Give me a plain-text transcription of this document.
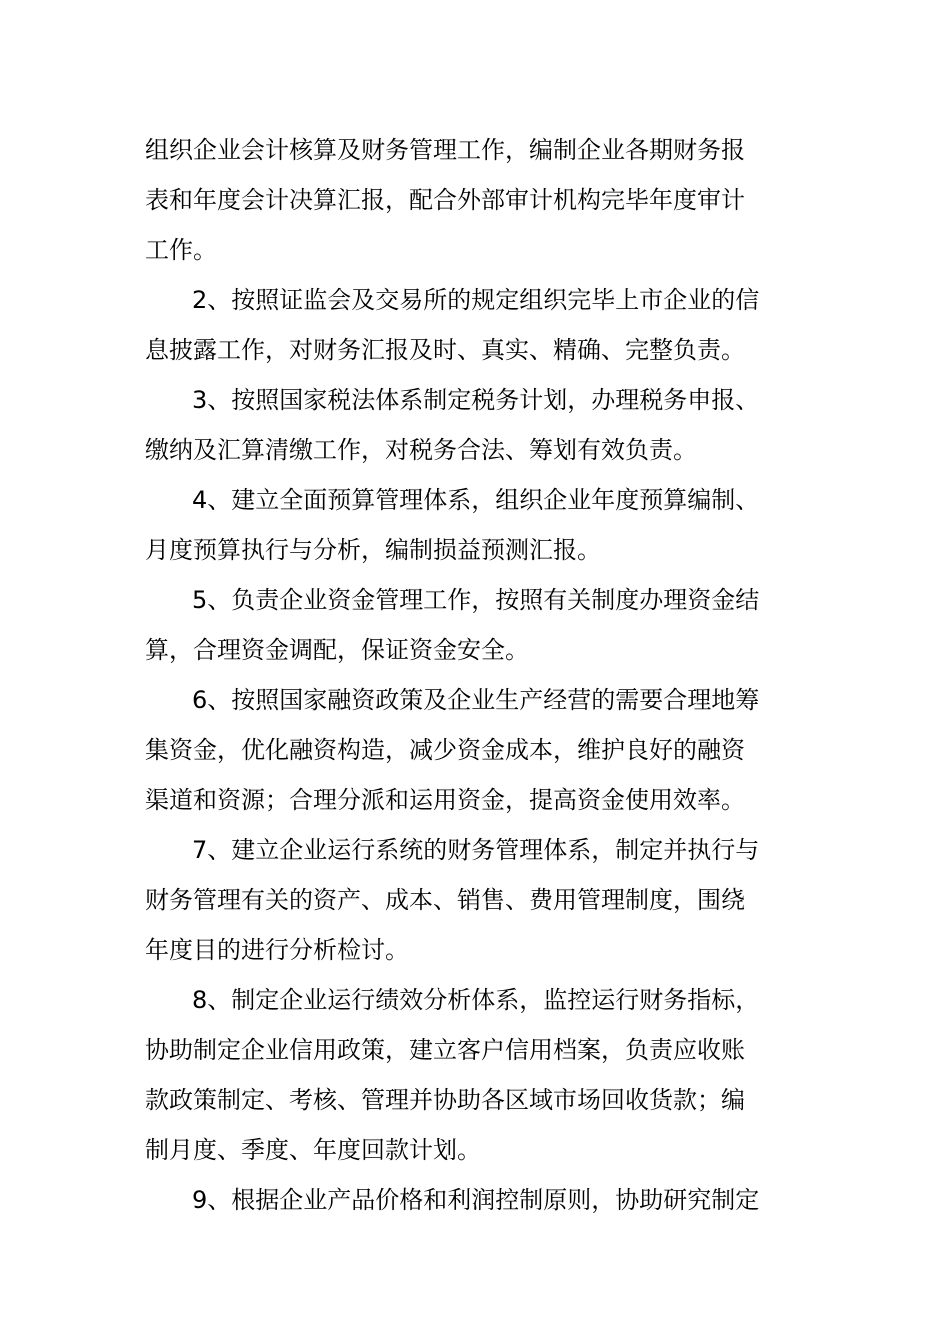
组织企业会计核算及财务管理工作，编制企业各期财务报
表和年度会计决算汇报，配合外部审计机构完毕年度审计
工作。
2、按照证监会及交易所的规定组织完毕上市企业的信
息披露工作，对财务汇报及时、真实、精确、完整负责。
3、按照国家税法体系制定税务计划，办理税务申报、
缴纳及汇算清缴工作，对税务合法、筹划有效负责。
4、建立全面预算管理体系，组织企业年度预算编制、
月度预算执行与分析，编制损益预测汇报。
5、负责企业资金管理工作，按照有关制度办理资金结
算，合理资金调配，保证资金安全。
6、按照国家融资政策及企业生产经营的需要合理地筹
集资金，优化融资构造，减少资金成本，维护良好的融资
渠道和资源；合理分派和运用资金，提高资金使用效率。
7、建立企业运行系统的财务管理体系，制定并执行与
财务管理有关的资产、成本、销售、费用管理制度，围绕
年度目的进行分析检讨。
8、制定企业运行绩效分析体系，监控运行财务指标，
协助制定企业信用政策，建立客户信用档案，负责应收账
款政策制定、考核、管理并协助各区域市场回收货款；编
制月度、季度、年度回款计划。
9、根据企业产品价格和利润控制原则，协助研究制定
